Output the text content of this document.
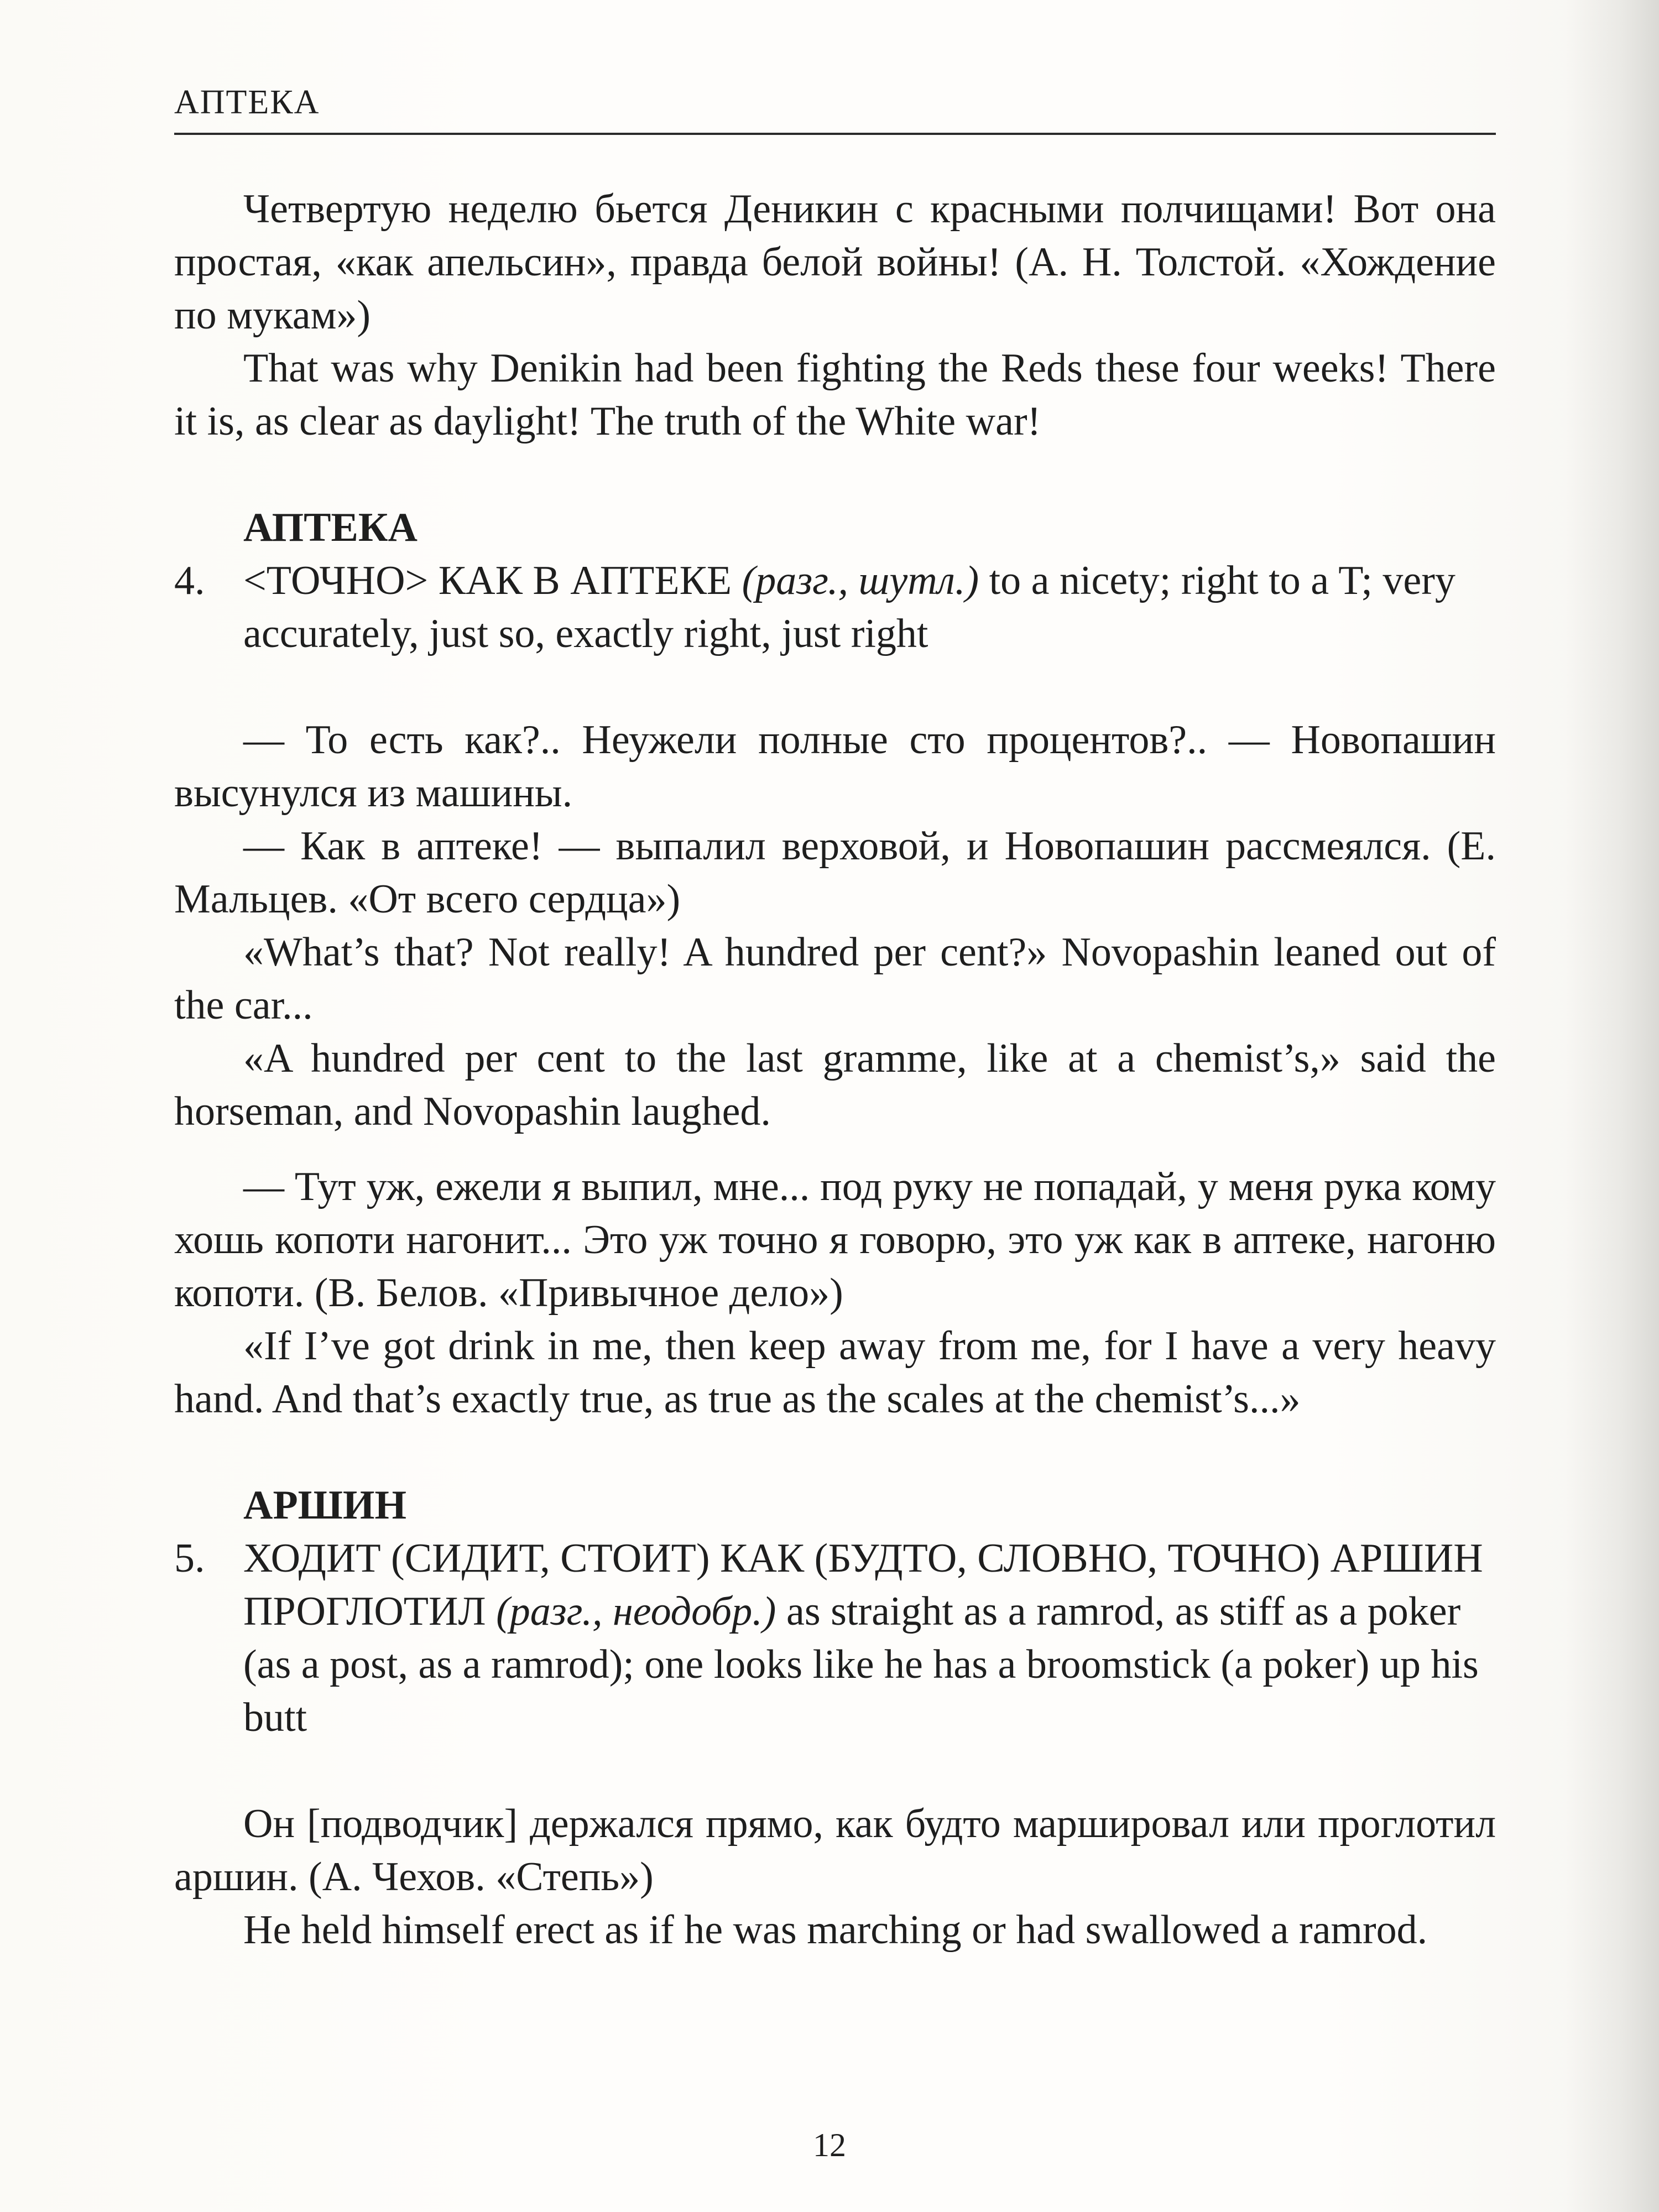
АПТЕКА

Четвертую неделю бьется Деникин с красными полчищами! Вот она простая, «как апельсин», правда белой войны! (А. Н. Толстой. «Хождение по мукам»)

That was why Denikin had been fighting the Reds these four weeks! There it is, as clear as daylight! The truth of the White war!

АПТЕКА
4. <ТОЧНО> КАК В АПТЕКЕ (разг., шутл.) to a nicety; right to a T; very accurately, just so, exactly right, just right

— То есть как?.. Неужели полные сто процентов?.. — Новопашин высунулся из машины.

— Как в аптеке! — выпалил верховой, и Новопашин рассмеялся. (Е. Мальцев. «От всего сердца»)

«What’s that? Not really! A hundred per cent?» Novopashin leaned out of the car...

«A hundred per cent to the last gramme, like at a chemist’s,» said the horseman, and Novopashin laughed.

— Тут уж, ежели я выпил, мне... под руку не попадай, у меня рука кому хошь копоти нагонит... Это уж точно я говорю, это уж как в аптеке, нагоню копоти. (В. Белов. «Привычное дело»)

«If I’ve got drink in me, then keep away from me, for I have a very heavy hand. And that’s exactly true, as true as the scales at the chemist’s...»

АРШИН
5. ХОДИТ (СИДИТ, СТОИТ) КАК (БУДТО, СЛОВНО, ТОЧНО) АРШИН ПРОГЛОТИЛ (разг., неодобр.) as straight as a ramrod, as stiff as a poker (as a post, as a ramrod); one looks like he has a broomstick (a poker) up his butt

Он [подводчик] держался прямо, как будто маршировал или проглотил аршин. (А. Чехов. «Степь»)

He held himself erect as if he was marching or had swallowed a ramrod.

12
